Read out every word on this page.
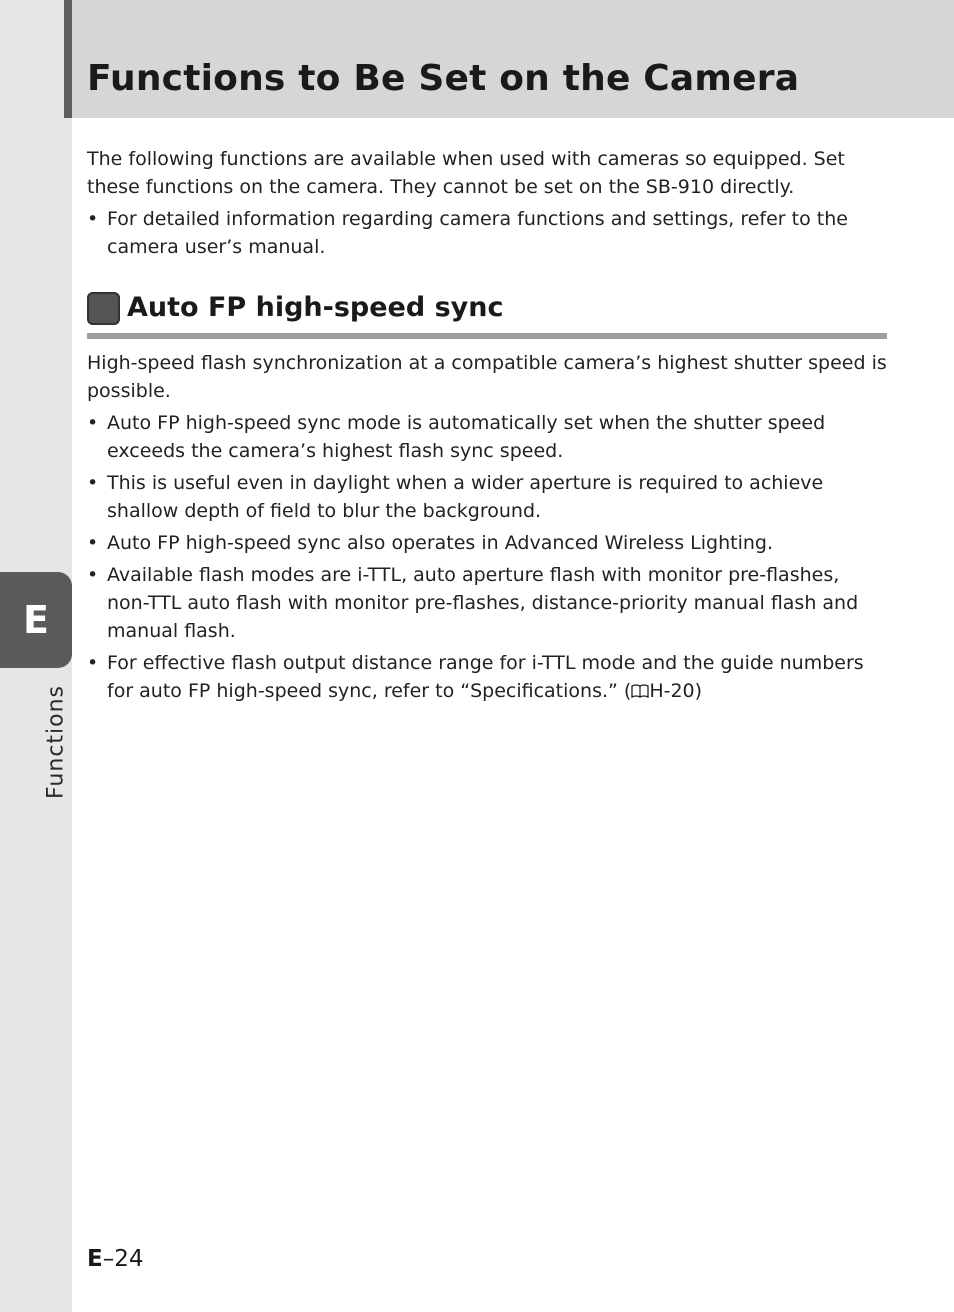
Functions to Be Set on the Camera

The following functions are available when used with cameras so equipped. Set these functions on the camera. They cannot be set on the SB-910 directly.

• For detailed information regarding camera functions and settings, refer to the camera user’s manual.
Auto FP high-speed sync

High-speed flash synchronization at a compatible camera’s highest shutter speed is possible.

• Auto FP high-speed sync mode is automatically set when the shutter speed exceeds the camera’s highest flash sync speed.
• This is useful even in daylight when a wider aperture is required to achieve shallow depth of field to blur the background.
• Auto FP high-speed sync also operates in Advanced Wireless Lighting.
• Available flash modes are i-TTL, auto aperture flash with monitor pre-flashes, non-TTL auto flash with monitor pre-flashes, distance-priority manual flash and manual flash.
• For effective flash output distance range for i-TTL mode and the guide numbers for auto FP high-speed sync, refer to “Specifications.” ( H-20)
E
Functions
E–24
